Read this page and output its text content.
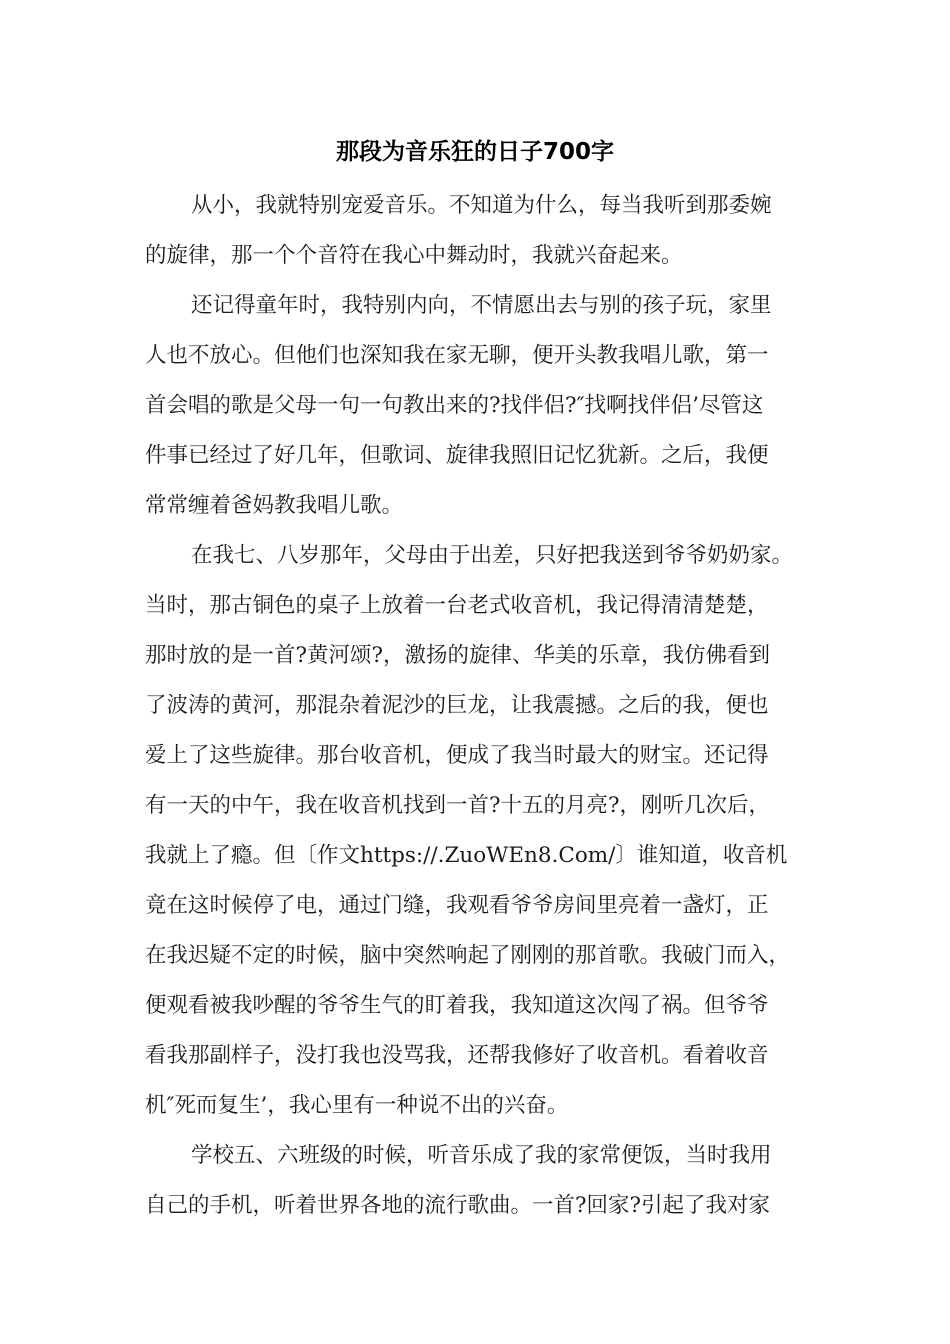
那段为音乐狂的日子700字

从小，我就特别宠爱音乐。不知道为什么，每当我听到那委婉

的旋律，那一个个音符在我心中舞动时，我就兴奋起来。

还记得童年时，我特别内向，不情愿出去与别的孩子玩，家里

人也不放心。但他们也深知我在家无聊，便开头教我唱儿歌，第一

首会唱的歌是父母一句一句教出来的?找伴侣?″找啊找伴侣’尽管这

件事已经过了好几年，但歌词、旋律我照旧记忆犹新。之后，我便

常常缠着爸妈教我唱儿歌。

在我七、八岁那年，父母由于出差，只好把我送到爷爷奶奶家。

当时，那古铜色的桌子上放着一台老式收音机，我记得清清楚楚，

那时放的是一首?黄河颂?，激扬的旋律、华美的乐章，我仿佛看到

了波涛的黄河，那混杂着泥沙的巨龙，让我震撼。之后的我，便也

爱上了这些旋律。那台收音机，便成了我当时最大的财宝。还记得

有一天的中午，我在收音机找到一首?十五的月亮?，刚听几次后，

我就上了瘾。但〔作文https://.ZuoWEn8.Com/〕谁知道，收音机

竟在这时候停了电，通过门缝，我观看爷爷房间里亮着一盏灯，正

在我迟疑不定的时候，脑中突然响起了刚刚的那首歌。我破门而入，

便观看被我吵醒的爷爷生气的盯着我，我知道这次闯了祸。但爷爷

看我那副样子，没打我也没骂我，还帮我修好了收音机。看着收音

机″死而复生’，我心里有一种说不出的兴奋。

学校五、六班级的时候，听音乐成了我的家常便饭，当时我用

自己的手机，听着世界各地的流行歌曲。一首?回家?引起了我对家
